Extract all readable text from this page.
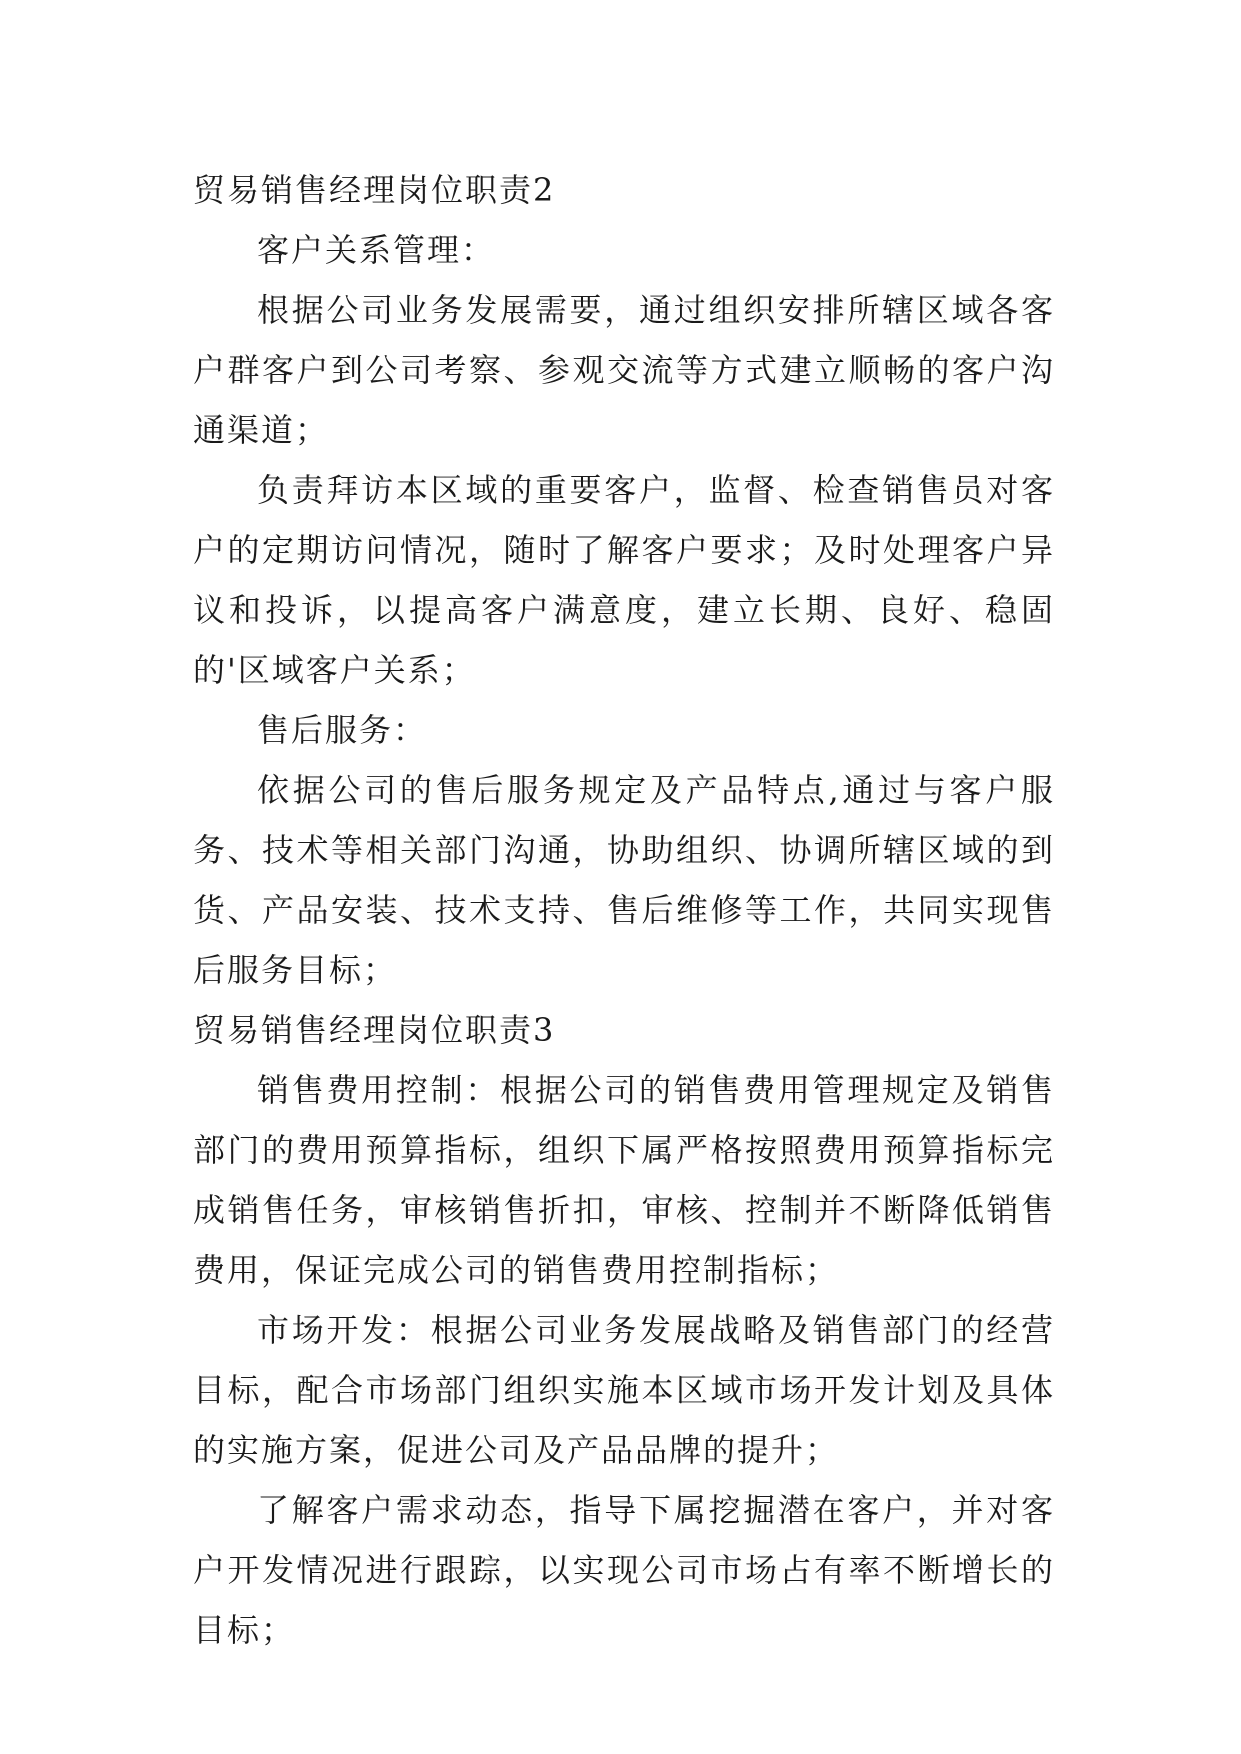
贸易销售经理岗位职责2

客户关系管理：

根据公司业务发展需要，通过组织安排所辖区域各客户群客户到公司考察、参观交流等方式建立顺畅的客户沟通渠道；

负责拜访本区域的重要客户，监督、检查销售员对客户的定期访问情况，随时了解客户要求；及时处理客户异议和投诉，以提高客户满意度，建立长期、良好、稳固的'区域客户关系；

售后服务：

依据公司的售后服务规定及产品特点,通过与客户服务、技术等相关部门沟通，协助组织、协调所辖区域的到货、产品安装、技术支持、售后维修等工作，共同实现售后服务目标；

贸易销售经理岗位职责3

销售费用控制：根据公司的销售费用管理规定及销售部门的费用预算指标，组织下属严格按照费用预算指标完成销售任务，审核销售折扣，审核、控制并不断降低销售费用，保证完成公司的销售费用控制指标；

市场开发：根据公司业务发展战略及销售部门的经营目标，配合市场部门组织实施本区域市场开发计划及具体的实施方案，促进公司及产品品牌的提升；

了解客户需求动态，指导下属挖掘潜在客户，并对客户开发情况进行跟踪，以实现公司市场占有率不断增长的目标；
